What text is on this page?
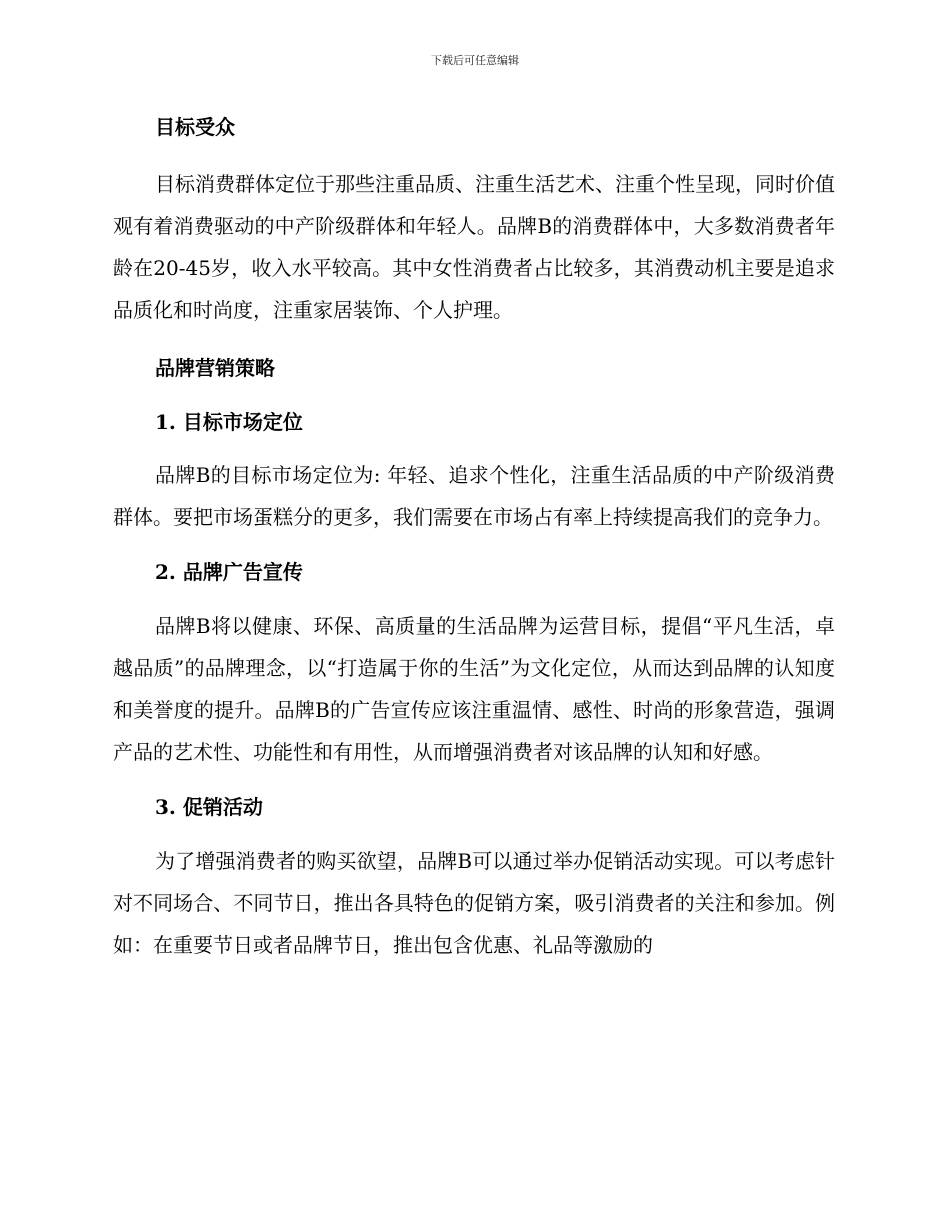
下载后可任意编辑
目标受众

目标消费群体定位于那些注重品质、注重生活艺术、注重个性呈现，同时价值观有着消费驱动的中产阶级群体和年轻人。品牌B的消费群体中，大多数消费者年龄在20-45岁，收入水平较高。其中女性消费者占比较多，其消费动机主要是追求品质化和时尚度，注重家居装饰、个人护理。

品牌营销策略
1. 目标市场定位

品牌B的目标市场定位为: 年轻、追求个性化，注重生活品质的中产阶级消费群体。要把市场蛋糕分的更多，我们需要在市场占有率上持续提高我们的竞争力。

2. 品牌广告宣传

品牌B将以健康、环保、高质量的生活品牌为运营目标，提倡“平凡生活，卓越品质”的品牌理念，以“打造属于你的生活”为文化定位，从而达到品牌的认知度和美誉度的提升。品牌B的广告宣传应该注重温情、感性、时尚的形象营造，强调产品的艺术性、功能性和有用性，从而增强消费者对该品牌的认知和好感。

3. 促销活动

为了增强消费者的购买欲望，品牌B可以通过举办促销活动实现。可以考虑针对不同场合、不同节日，推出各具特色的促销方案，吸引消费者的关注和参加。例如：在重要节日或者品牌节日，推出包含优惠、礼品等激励的
